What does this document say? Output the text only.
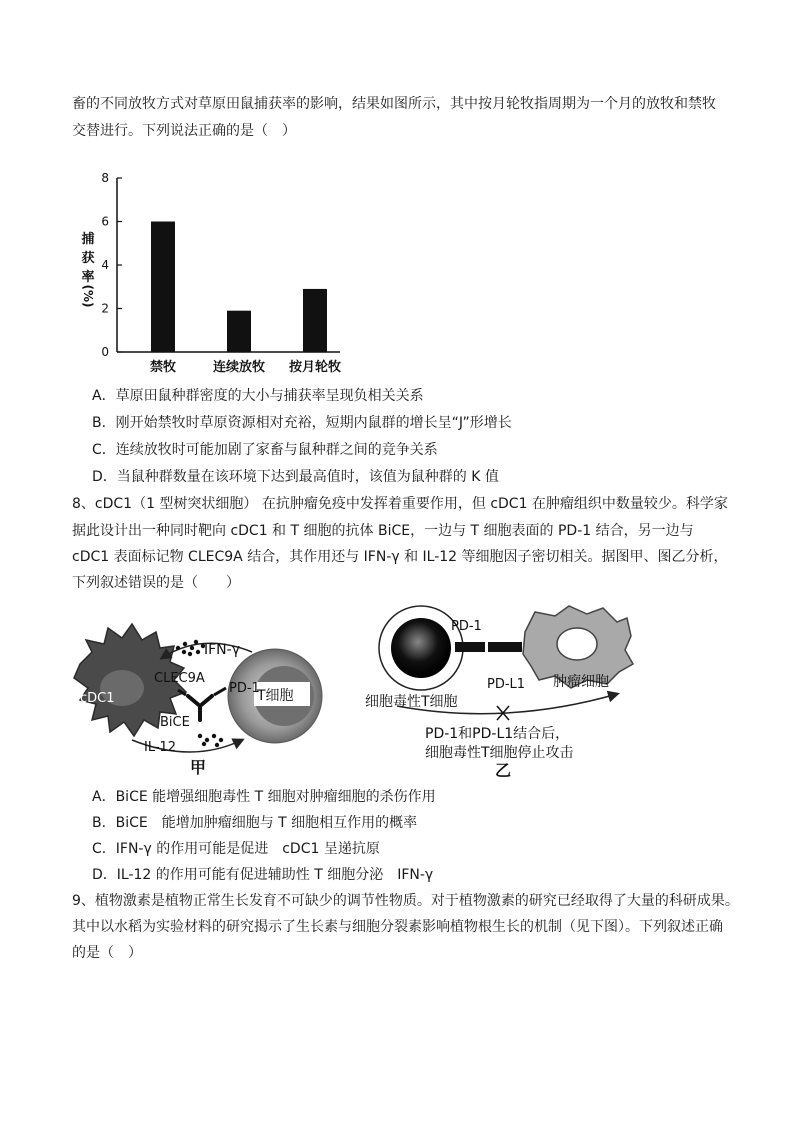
畜的不同放牧方式对草原田鼠捕获率的影响，结果如图所示，其中按月轮牧指周期为一个月的放牧和禁牧
交替进行。下列说法正确的是（　）
捕
获
率
(%)
0
2
4
6
8
禁牧	连续放牧 按月轮牧
A．草原田鼠种群密度的大小与捕获率呈现负相关关系
B．刚开始禁牧时草原资源相对充裕，短期内鼠群的增长呈“J”形增长
C．连续放牧时可能加剧了家畜与鼠种群之间的竞争关系
D．当鼠种群数量在该环境下达到最高值时，该值为鼠种群的 K 值
8、cDC1（1 型树突状细胞） 在抗肿瘤免疫中发挥着重要作用，但 cDC1 在肿瘤组织中数量较少。科学家
据此设计出一种同时靶向 cDC1 和 T 细胞的抗体 BiCE，一边与 T 细胞表面的 PD-1 结合，另一边与
cDC1 表面标记物 CLEC9A 结合，其作用还与 IFN-γ 和 IL-12 等细胞因子密切相关。据图甲、图乙分析，
下列叙述错误的是（　　）
IFN-γ
CLEC9A
PD-1
cDC1	T细胞
BiCE
IL-12
甲
PD-1
PD-L1
细胞毒性T细胞
肿瘤细胞
PD-1和PD-L1结合后，
细胞毒性T细胞停止攻击
乙
A．BiCE 能增强细胞毒性 T 细胞对肿瘤细胞的杀伤作用
B．BiCE　能增加肿瘤细胞与 T 细胞相互作用的概率
C．IFN-γ 的作用可能是促进　cDC1 呈递抗原
D．IL-12 的作用可能有促进辅助性 T 细胞分泌　IFN-γ
9、植物激素是植物正常生长发育不可缺少的调节性物质。对于植物激素的研究已经取得了大量的科研成果。
其中以水稻为实验材料的研究揭示了生长素与细胞分裂素影响植物根生长的机制（见下图）。下列叙述正确
的是（　）
